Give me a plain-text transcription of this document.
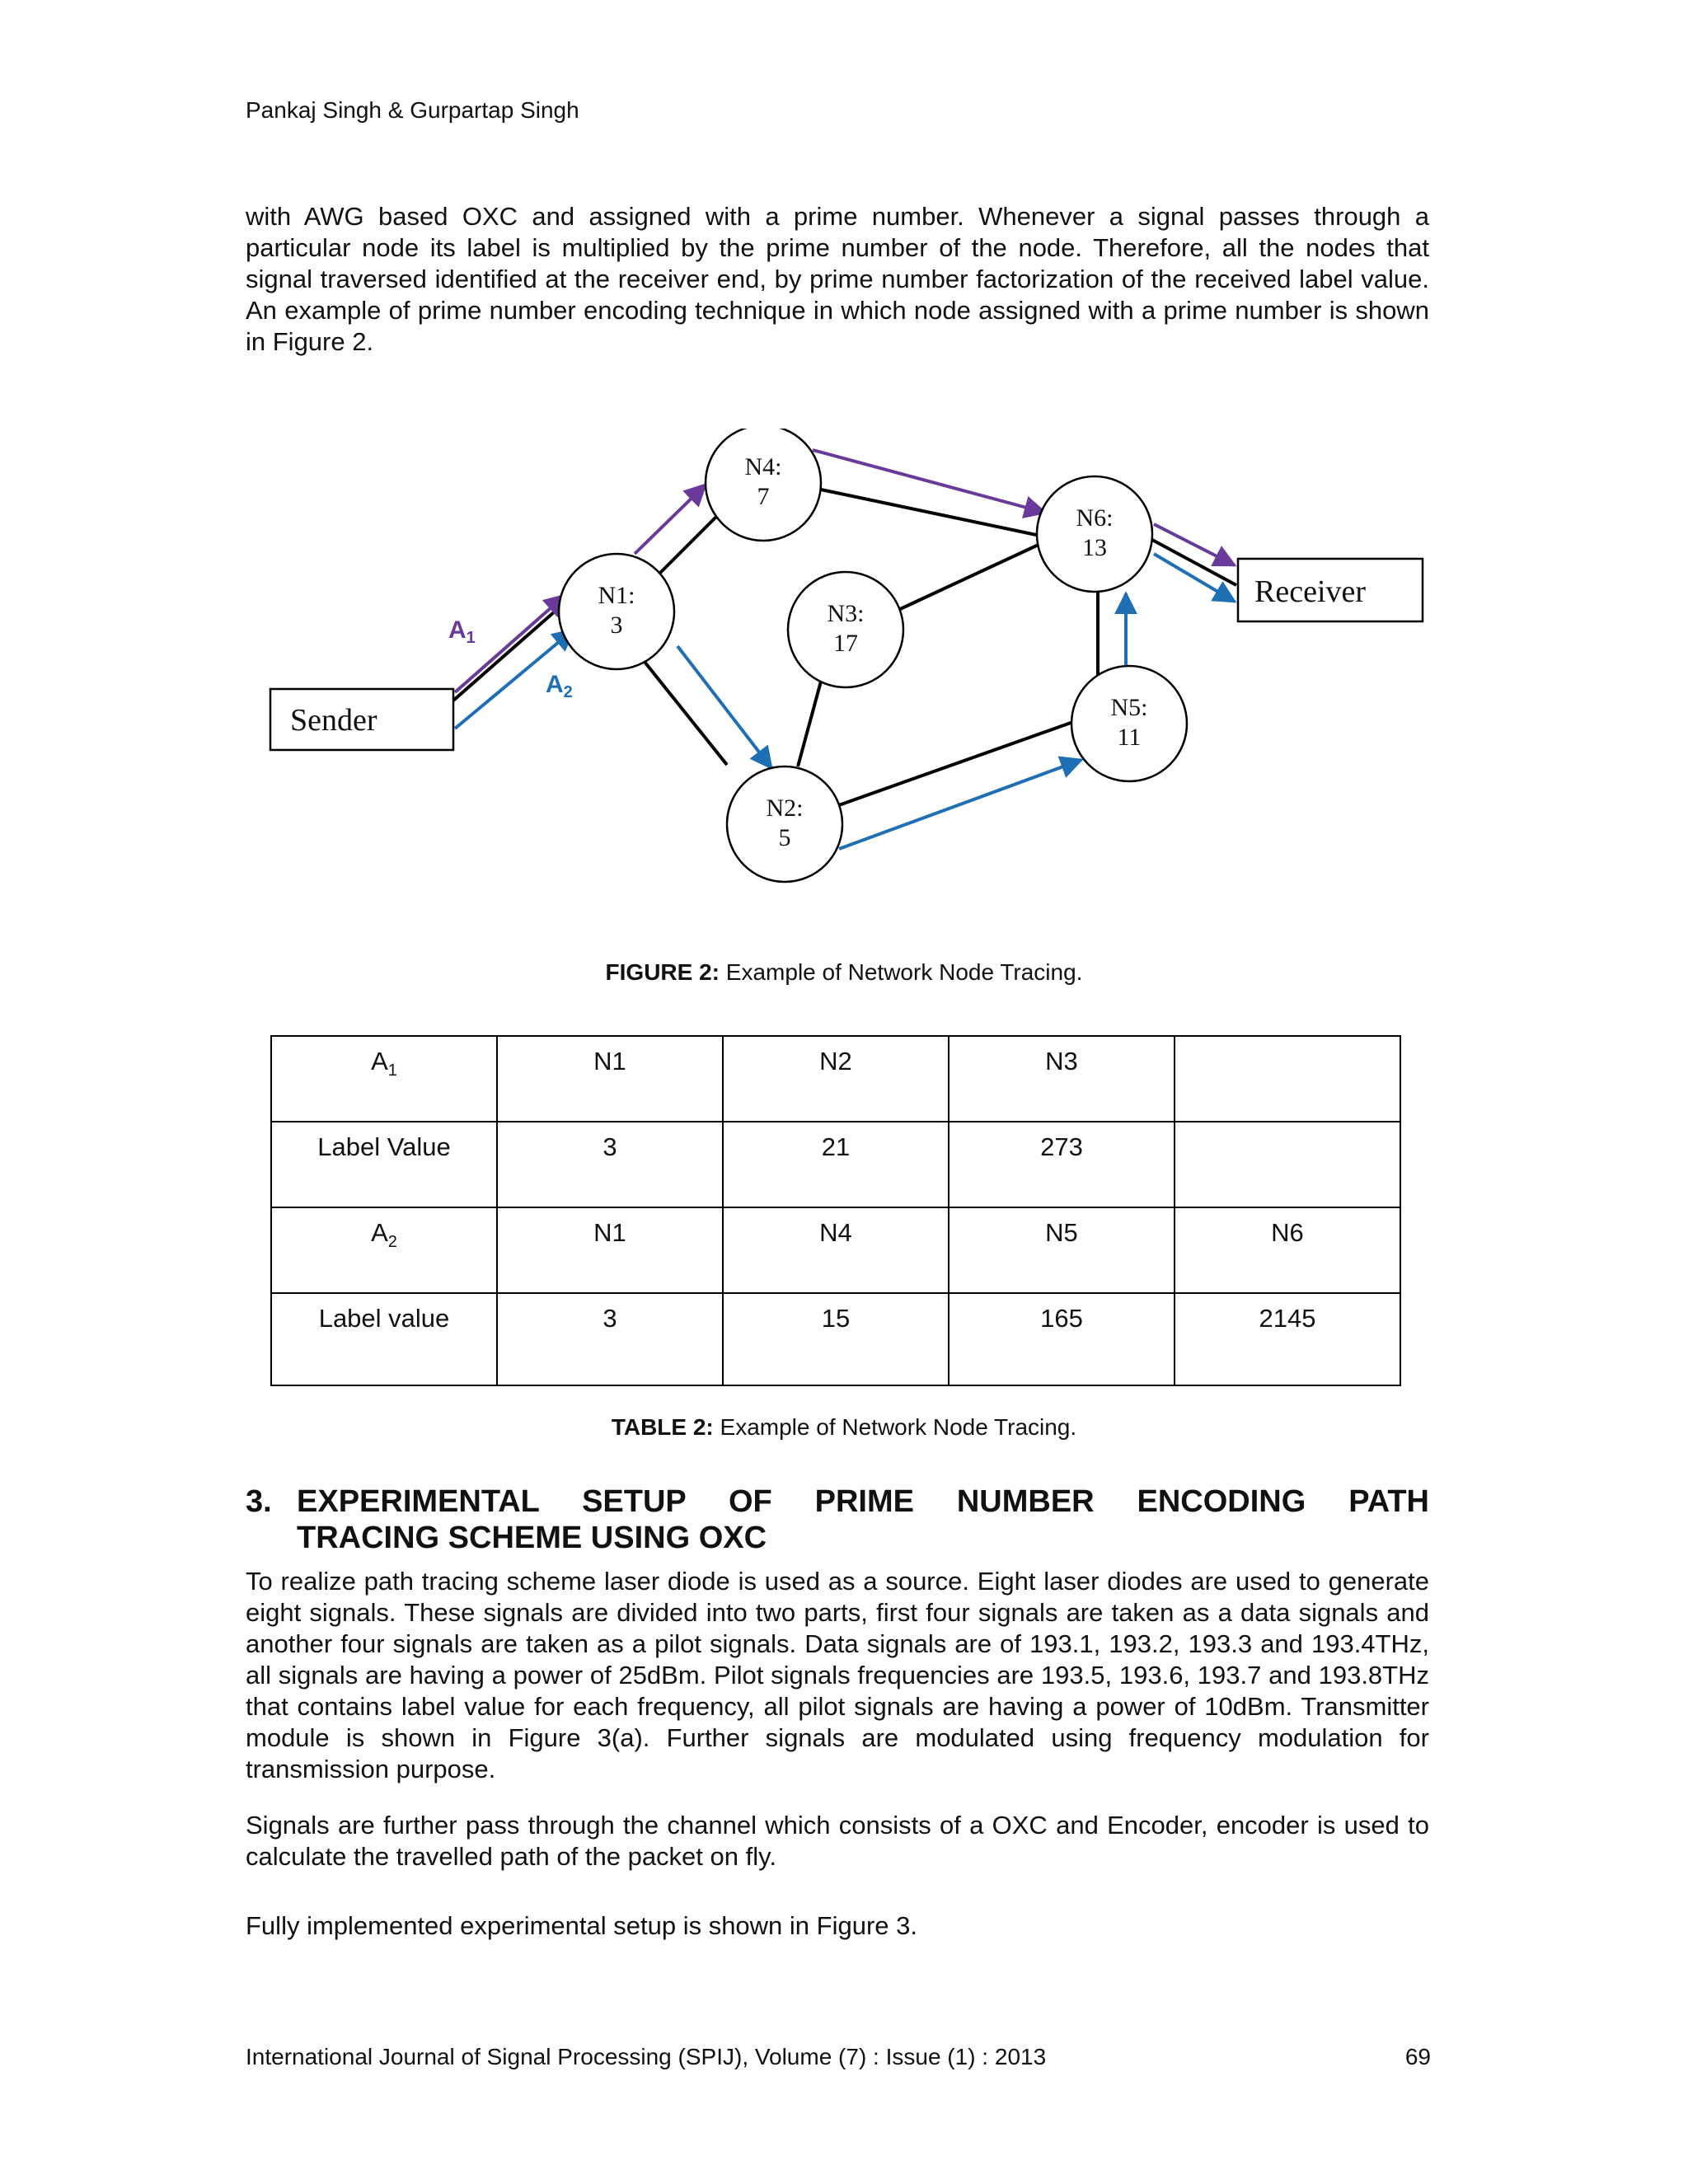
Pankaj Singh & Gurpartap Singh

with AWG based OXC and assigned with a prime number. Whenever a signal passes through a particular node its label is multiplied by the prime number of the node. Therefore, all the nodes that signal traversed identified at the receiver end, by prime number factorization of the received label value. An example of prime number encoding technique in which node assigned with a prime number is shown in Figure 2.

Sender
Receiver
N1:
3
N4:
7
N3:
17
N2:
5
N6:
13
N5:
11
$A_1$
$A_2$
FIGURE 2: Example of Network Node Tracing.
$A_1$	N1	N2	N3	
Label Value	3	21	273	
$A_2$	N1	N4	N5	N6
Label value	3	15	165	2145
TABLE 2: Example of Network Node Tracing.
3. EXPERIMENTAL SETUP OF PRIME NUMBER ENCODING PATH
TRACING SCHEME USING OXC

To realize path tracing scheme laser diode is used as a source. Eight laser diodes are used to generate eight signals. These signals are divided into two parts, first four signals are taken as a data signals and another four signals are taken as a pilot signals. Data signals are of 193.1, 193.2, 193.3 and 193.4THz, all signals are having a power of 25dBm. Pilot signals frequencies are 193.5, 193.6, 193.7 and 193.8THz that contains label value for each frequency, all pilot signals are having a power of 10dBm. Transmitter module is shown in Figure 3(a). Further signals are modulated using frequency modulation for transmission purpose.

Signals are further pass through the channel which consists of a OXC and Encoder, encoder is used to calculate the travelled path of the packet on fly.

Fully implemented experimental setup is shown in Figure 3.

International Journal of Signal Processing (SPIJ), Volume (7) : Issue (1) : 2013	69
